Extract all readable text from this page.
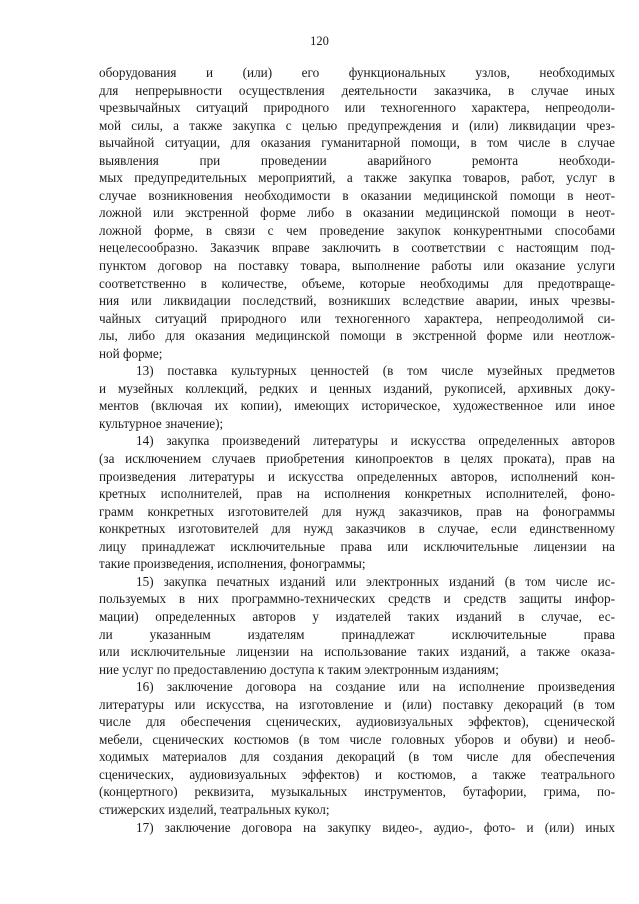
120
оборудования и (или) его функциональных узлов, необходимых
для непрерывности осуществления деятельности заказчика, в случае иных
чрезвычайных ситуаций природного или техногенного характера, непреодоли-
мой силы, а также закупка с целью предупреждения и (или) ликвидации чрез-
вычайной ситуации, для оказания гуманитарной помощи, в том числе в случае
выявления при проведении аварийного ремонта необходи-
мых предупредительных мероприятий, а также закупка товаров, работ, услуг в
случае возникновения необходимости в оказании медицинской помощи в неот-
ложной или экстренной форме либо в оказании медицинской помощи в неот-
ложной форме, в связи с чем проведение закупок конкурентными способами
нецелесообразно. Заказчик вправе заключить в соответствии с настоящим под-
пунктом договор на поставку товара, выполнение работы или оказание услуги
соответственно в количестве, объеме, которые необходимы для предотвраще-
ния или ликвидации последствий, возникших вследствие аварии, иных чрезвы-
чайных ситуаций природного или техногенного характера, непреодолимой си-
лы, либо для оказания медицинской помощи в экстренной форме или неотлож-
ной форме;
13) поставка культурных ценностей (в том числе музейных предметов
и музейных коллекций, редких и ценных изданий, рукописей, архивных доку-
ментов (включая их копии), имеющих историческое, художественное или иное
культурное значение);
14) закупка произведений литературы и искусства определенных авторов
(за исключением случаев приобретения кинопроектов в целях проката), прав на
произведения литературы и искусства определенных авторов, исполнений кон-
кретных исполнителей, прав на исполнения конкретных исполнителей, фоно-
грамм конкретных изготовителей для нужд заказчиков, прав на фонограммы
конкретных изготовителей для нужд заказчиков в случае, если единственному
лицу принадлежат исключительные права или исключительные лицензии на
такие произведения, исполнения, фонограммы;
15) закупка печатных изданий или электронных изданий (в том числе ис-
пользуемых в них программно-технических средств и средств защиты инфор-
мации) определенных авторов у издателей таких изданий в случае, ес-
ли указанным издателям принадлежат исключительные права
или исключительные лицензии на использование таких изданий, а также оказа-
ние услуг по предоставлению доступа к таким электронным изданиям;
16) заключение договора на создание или на исполнение произведения
литературы или искусства, на изготовление и (или) поставку декораций (в том
числе для обеспечения сценических, аудиовизуальных эффектов), сценической
мебели, сценических костюмов (в том числе головных уборов и обуви) и необ-
ходимых материалов для создания декораций (в том числе для обеспечения
сценических, аудиовизуальных эффектов) и костюмов, а также театрального
(концертного) реквизита, музыкальных инструментов, бутафории, грима, по-
стижерских изделий, театральных кукол;
17) заключение договора на закупку видео-, аудио-, фото- и (или) иных
